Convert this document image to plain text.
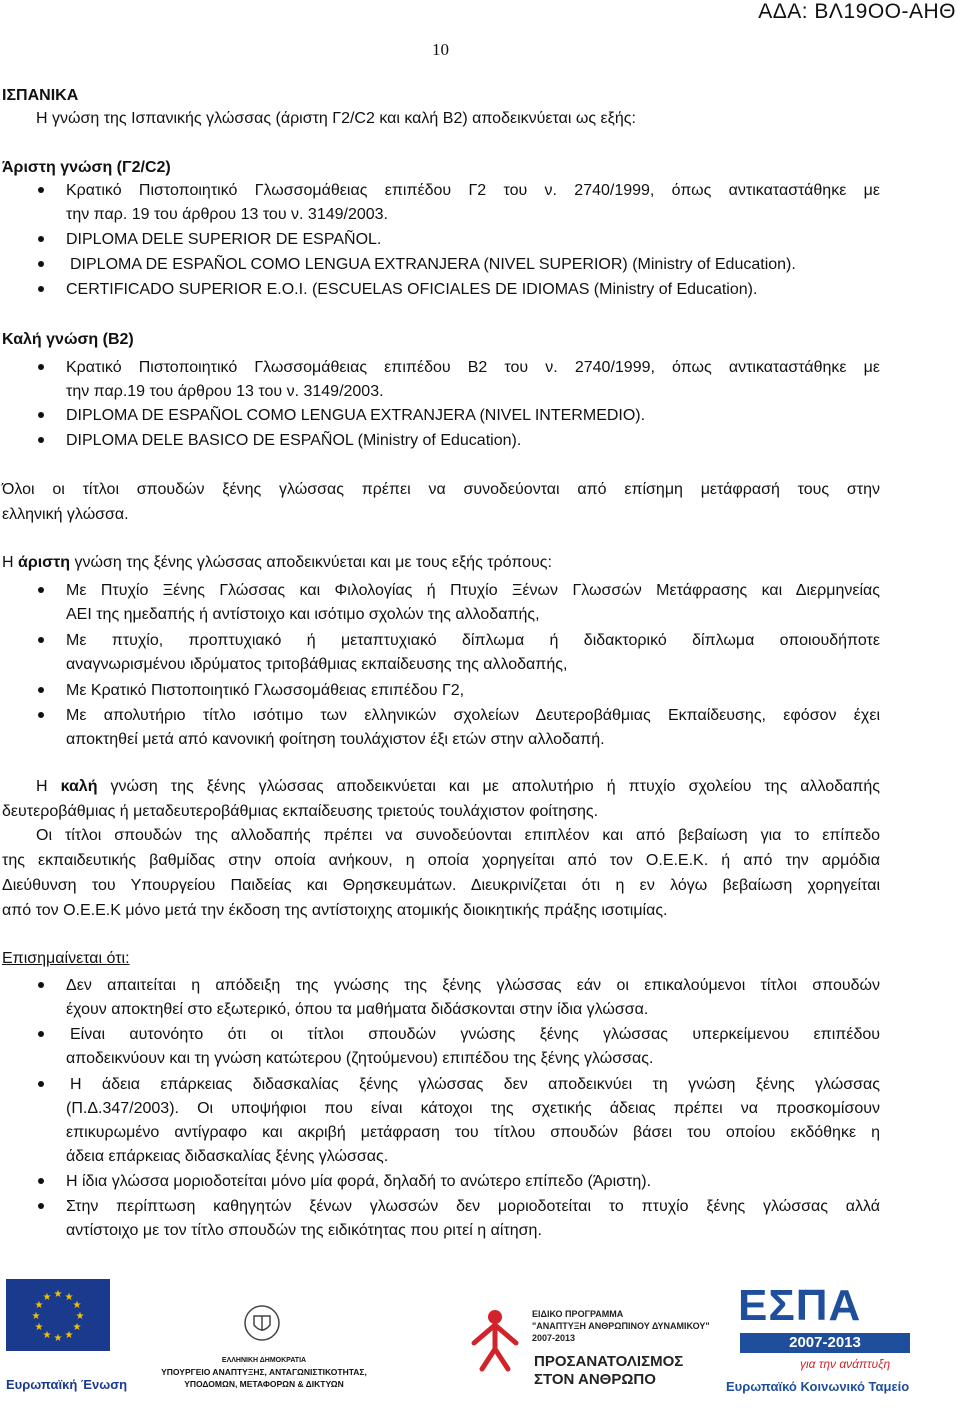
ΑΔΑ: ΒΛ19ΟΟ-ΑΗΘ
10
ΙΣΠΑΝΙΚΑ
Η γνώση της Ισπανικής γλώσσας (άριστη Γ2/C2 και καλή Β2) αποδεικνύεται ως εξής:
Άριστη γνώση (Γ2/C2)
Κρατικό Πιστοποιητικό Γλωσσομάθειας επιπέδου Γ2 του ν. 2740/1999, όπως αντικαταστάθηκε με
την παρ. 19 του άρθρου 13 του ν. 3149/2003.
DIPLOMA DELE SUPERIOR DE ESPAÑOL.
DIPLOMA DE ESPAÑOL COMO LENGUA EXTRANJERA (NIVEL SUPERIOR) (Ministry of Education).
CERTIFICADO SUPERIOR E.O.I. (ESCUELAS OFICIALES DE IDIOMAS (Ministry of Education).
Καλή γνώση (Β2)
Κρατικό Πιστοποιητικό Γλωσσομάθειας επιπέδου Β2 του ν. 2740/1999, όπως αντικαταστάθηκε με
την παρ.19 του άρθρου 13 του ν. 3149/2003.
DIPLOMA DE ESPAÑOL COMO LENGUA EXTRANJERA (NIVEL INTERMEDIO).
DIPLOMA DELE BASICO DE ESPAÑOL (Ministry of Education).
Όλοι οι τίτλοι σπουδών ξένης γλώσσας πρέπει να συνοδεύονται από επίσημη μετάφρασή τους στην
ελληνική γλώσσα.
Η άριστη γνώση της ξένης γλώσσας αποδεικνύεται και με τους εξής τρόπους:
Με Πτυχίο Ξένης Γλώσσας και Φιλολογίας ή Πτυχίο Ξένων Γλωσσών Μετάφρασης και Διερμηνείας
ΑΕΙ της ημεδαπής ή αντίστοιχο και ισότιμο σχολών της αλλοδαπής,
Με πτυχίο, προπτυχιακό ή μεταπτυχιακό δίπλωμα ή διδακτορικό δίπλωμα οποιουδήποτε
αναγνωρισμένου ιδρύματος τριτοβάθμιας εκπαίδευσης της αλλοδαπής,
Με Κρατικό Πιστοποιητικό Γλωσσομάθειας επιπέδου Γ2,
Με απολυτήριο τίτλο ισότιμο των ελληνικών σχολείων Δευτεροβάθμιας Εκπαίδευσης, εφόσον έχει
αποκτηθεί μετά από κανονική φοίτηση τουλάχιστον έξι ετών στην αλλοδαπή.
Η καλή γνώση της ξένης γλώσσας αποδεικνύεται και με απολυτήριο ή πτυχίο σχολείου της αλλοδαπής
δευτεροβάθμιας ή μεταδευτεροβάθμιας εκπαίδευσης τριετούς τουλάχιστον φοίτησης.
Οι τίτλοι σπουδών της αλλοδαπής πρέπει να συνοδεύονται επιπλέον και από βεβαίωση για το επίπεδο
της εκπαιδευτικής βαθμίδας στην οποία ανήκουν, η οποία χορηγείται από τον Ο.Ε.Ε.Κ. ή από την αρμόδια
Διεύθυνση του Υπουργείου Παιδείας και Θρησκευμάτων. Διευκρινίζεται ότι η εν λόγω βεβαίωση χορηγείται
από τον Ο.Ε.Ε.Κ μόνο μετά την έκδοση της αντίστοιχης ατομικής διοικητικής πράξης ισοτιμίας.
Επισημαίνεται ότι:
Δεν απαιτείται η απόδειξη της γνώσης της ξένης γλώσσας εάν οι επικαλούμενοι τίτλοι σπουδών
έχουν αποκτηθεί στο εξωτερικό, όπου τα μαθήματα διδάσκονται στην ίδια γλώσσα.
Είναι αυτονόητο ότι οι τίτλοι σπουδών γνώσης ξένης γλώσσας υπερκείμενου επιπέδου
αποδεικνύουν και τη γνώση κατώτερου (ζητούμενου) επιπέδου της ξένης γλώσσας.
Η άδεια επάρκειας διδασκαλίας ξένης γλώσσας δεν αποδεικνύει τη γνώση ξένης γλώσσας
(Π.Δ.347/2003). Οι υποψήφιοι που είναι κάτοχοι της σχετικής άδειας πρέπει να προσκομίσουν
επικυρωμένο αντίγραφο και ακριβή μετάφραση του τίτλου σπουδών βάσει του οποίου εκδόθηκε η
άδεια επάρκειας διδασκαλίας ξένης γλώσσας.
Η ίδια γλώσσα μοριοδοτείται μόνο μία φορά, δηλαδή το ανώτερο επίπεδο (Άριστη).
Στην περίπτωση καθηγητών ξένων γλωσσών δεν μοριοδοτείται το πτυχίο ξένης γλώσσας αλλά
αντίστοιχο με τον τίτλο σπουδών της ειδικότητας που ριτεί η αίτηση.
★ ★
★
★
★
★
★
★
★
★
★
★
Ευρωπαϊκή Ένωση
ΕΛΛΗΝΙΚΗ ΔΗΜΟΚΡΑΤΙΑ
ΥΠΟΥΡΓΕΙΟ ΑΝΑΠΤΥΞΗΣ, ΑΝΤΑΓΩΝΙΣΤΙΚΟΤΗΤΑΣ,
ΥΠΟΔΟΜΩΝ, ΜΕΤΑΦΟΡΩΝ & ΔΙΚΤΥΩΝ
ΕΙΔΙΚΟ ΠΡΟΓΡΑΜΜΑ
"ΑΝΑΠΤΥΞΗ ΑΝΘΡΩΠΙΝΟΥ ΔΥΝΑΜΙΚΟΥ"
2007-2013
ΠΡΟΣΑΝΑΤΟΛΙΣΜΟΣ
ΣΤΟΝ ΑΝΘΡΩΠΟ
ΕΣΠΑ
2007-2013
για την ανάπτυξη
Ευρωπαϊκό Κοινωνικό Ταμείο
